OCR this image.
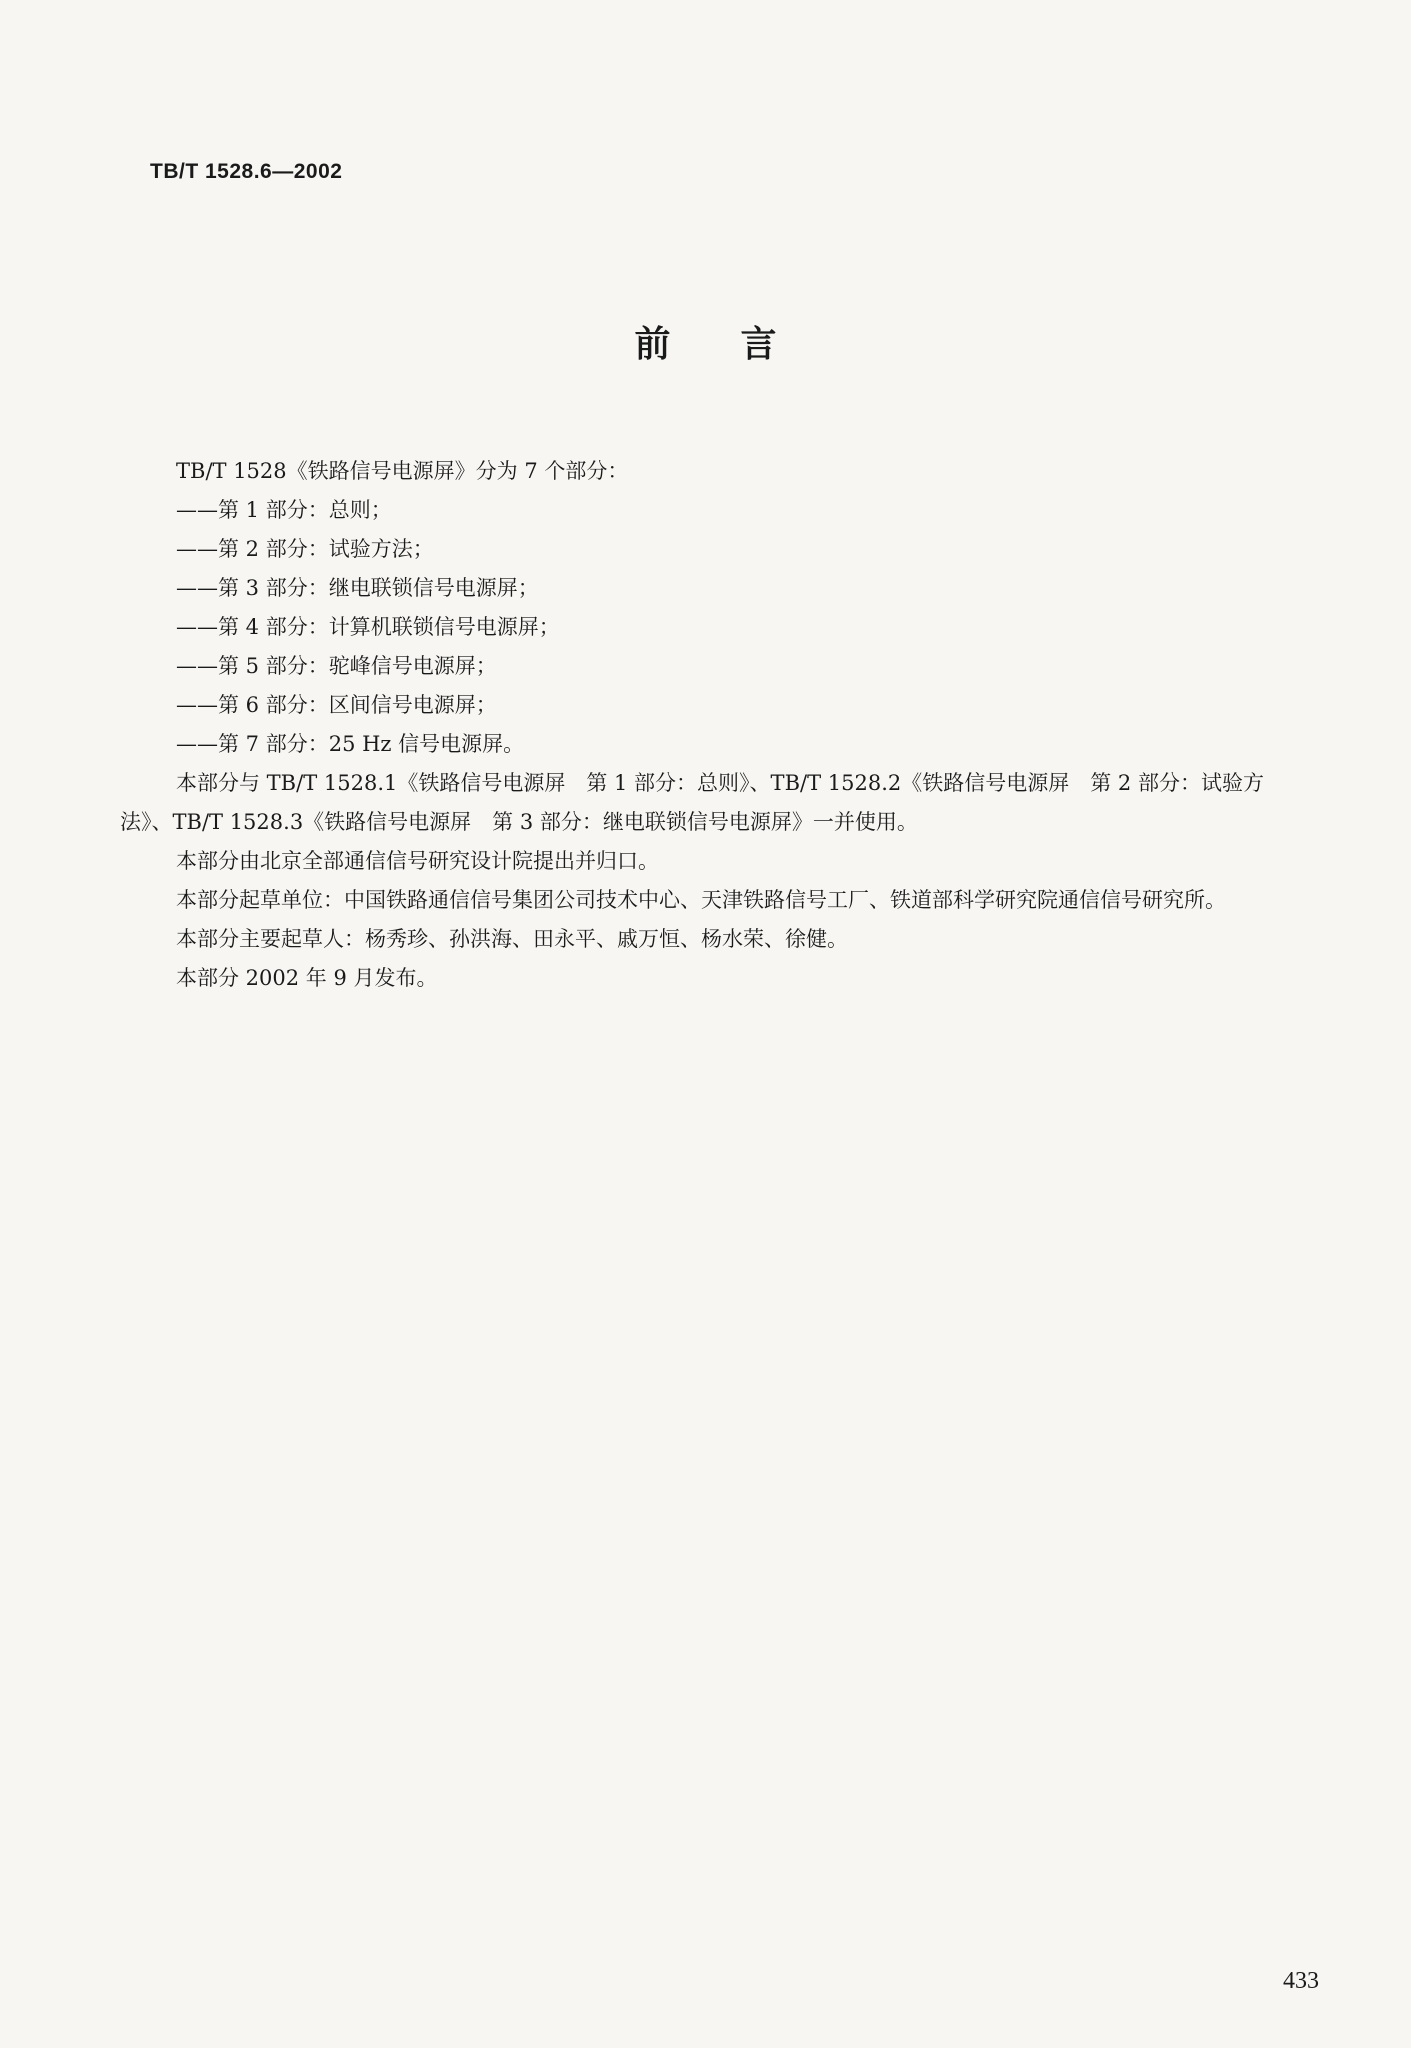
TB/T 1528.6—2002
前 言
TB/T 1528《铁路信号电源屏》分为 7 个部分：
——第 1 部分：总则；
——第 2 部分：试验方法；
——第 3 部分：继电联锁信号电源屏；
——第 4 部分：计算机联锁信号电源屏；
——第 5 部分：驼峰信号电源屏；
——第 6 部分：区间信号电源屏；
——第 7 部分：25 Hz 信号电源屏。
本部分与 TB/T 1528.1《铁路信号电源屏　第 1 部分：总则》、TB/T 1528.2《铁路信号电源屏　第 2 部分：试验方法》、TB/T 1528.3《铁路信号电源屏　第 3 部分：继电联锁信号电源屏》一并使用。
本部分由北京全部通信信号研究设计院提出并归口。
本部分起草单位：中国铁路通信信号集团公司技术中心、天津铁路信号工厂、铁道部科学研究院通信信号研究所。
本部分主要起草人：杨秀珍、孙洪海、田永平、戚万恒、杨水荣、徐健。
本部分 2002 年 9 月发布。
433
